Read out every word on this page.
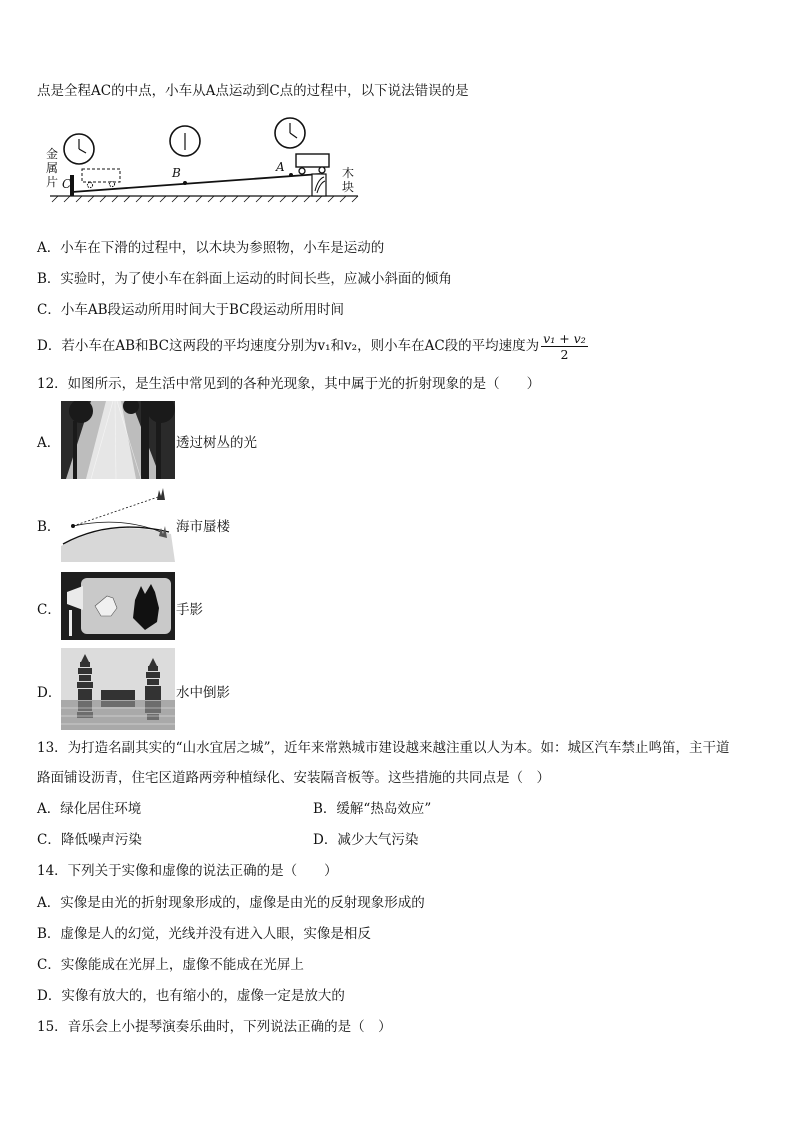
点是全程AC的中点，小车从A点运动到C点的过程中，以下说法错误的是
金
属
片 C
B	A	木
块
A．小车在下滑的过程中，以木块为参照物，小车是运动的
B．实验时，为了使小车在斜面上运动的时间长些，应减小斜面的倾角
C．小车AB段运动所用时间大于BC段运动所用时间
D．若小车在AB和BC这两段的平均速度分别为v₁和v₂，则小车在AC段的平均速度为 $\frac{\text{v₁ + v₂}}{2}$
12．如图所示，是生活中常见到的各种光现象，其中属于光的折射现象的是（　　）
A．	透过树丛的光
B．	海市蜃楼
C．	手影
D．	水中倒影
13．为打造名副其实的“山水宜居之城”，近年来常熟城市建设越来越注重以人为本。如：城区汽车禁止鸣笛，主干道
路面铺设沥青，住宅区道路两旁种植绿化、安装隔音板等。这些措施的共同点是（　）
A．绿化居住环境	B．缓解“热岛效应”
C．降低噪声污染	D．减少大气污染
14．下列关于实像和虚像的说法正确的是（　　）
A．实像是由光的折射现象形成的，虚像是由光的反射现象形成的
B．虚像是人的幻觉，光线并没有进入人眼，实像是相反
C．实像能成在光屏上，虚像不能成在光屏上
D．实像有放大的，也有缩小的，虚像一定是放大的
15．音乐会上小提琴演奏乐曲时，下列说法正确的是（　）
